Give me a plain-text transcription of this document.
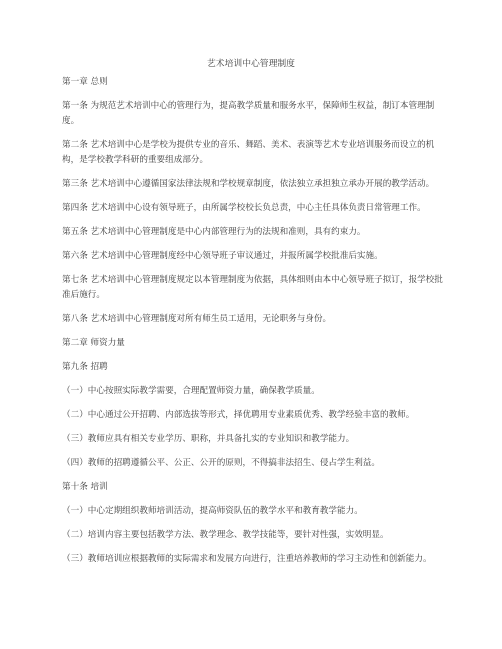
艺术培训中心管理制度

第一章 总则

第一条 为规范艺术培训中心的管理行为，提高教学质量和服务水平，保障师生权益，制订本管理制度。

第二条 艺术培训中心是学校为提供专业的音乐、舞蹈、美术、表演等艺术专业培训服务而设立的机构，是学校教学科研的重要组成部分。

第三条 艺术培训中心遵循国家法律法规和学校规章制度，依法独立承担独立承办开展的教学活动。

第四条 艺术培训中心设有领导班子，由所属学校校长负总责，中心主任具体负责日常管理工作。

第五条 艺术培训中心管理制度是中心内部管理行为的法规和准则，具有约束力。

第六条 艺术培训中心管理制度经中心领导班子审议通过，并报所属学校批准后实施。

第七条 艺术培训中心管理制度规定以本管理制度为依据，具体细则由本中心领导班子拟订，报学校批准后施行。

第八条 艺术培训中心管理制度对所有师生员工适用，无论职务与身份。

第二章 师资力量

第九条 招聘

（一）中心按照实际教学需要，合理配置师资力量，确保教学质量。

（二）中心通过公开招聘、内部选拔等形式，择优聘用专业素质优秀、教学经验丰富的教师。

（三）教师应具有相关专业学历、职称，并具备扎实的专业知识和教学能力。

（四）教师的招聘遵循公平、公正、公开的原则，不得搞非法招生、侵占学生利益。

第十条 培训

（一）中心定期组织教师培训活动，提高师资队伍的教学水平和教育教学能力。

（二）培训内容主要包括教学方法、教学理念、教学技能等，要针对性强，实效明显。

（三）教师培训应根据教师的实际需求和发展方向进行，注重培养教师的学习主动性和创新能力。
